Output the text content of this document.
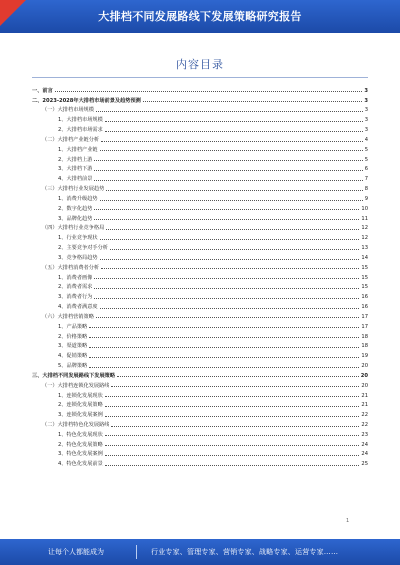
大排档不同发展路线下发展策略研究报告
内容目录
一、前言	3
二、2023-2028年大排档市场前景及趋势预测	3
（一）大排档市场规模	3
1、大排档市场规模	3
2、大排档市场需求	3
（二）大排档产业链分析	4
1、大排档产业链	5
2、大排档上游	5
3、大排档下游	6
4、大排档前景	7
（三）大排档行业发展趋势	8
1、消费升级趋势	9
2、数字化趋势	10
3、品牌化趋势	11
（四）大排档行业竞争格局	12
1、行业竞争现状	12
2、主要竞争对手分析	13
3、竞争格局趋势	14
（五）大排档消费者分析	15
1、消费者画像	15
2、消费者需求	15
3、消费者行为	16
4、消费者满意度	16
（六）大排档营销策略	17
1、产品策略	17
2、价格策略	18
3、渠道策略	18
4、促销策略	19
5、品牌策略	20
三、大排档不同发展路线下发展策略	20
（一）大排档连锁化发展路线	20
1、连锁化发展现状	21
2、连锁化发展策略	21
3、连锁化发展案例	22
（二）大排档特色化发展路线	22
1、特色化发展现状	23
2、特色化发展策略	24
3、特色化发展案例	24
4、特色化发展前景	25
1
让每个人都能成为	行业专家、管理专家、营销专家、战略专家、运营专家……
